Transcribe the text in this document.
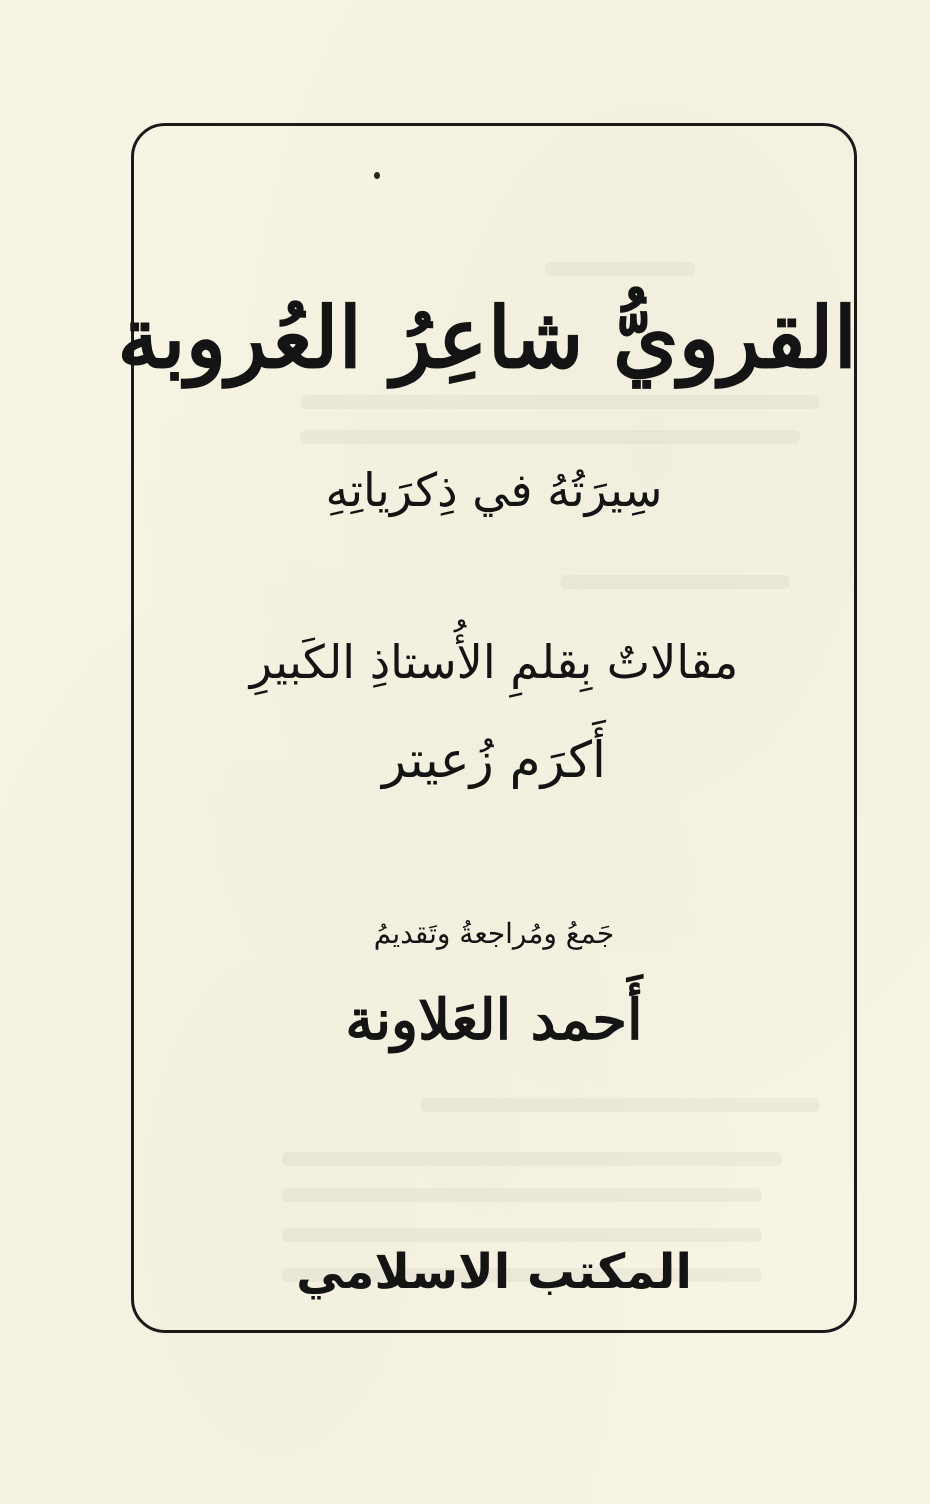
القرويُّ شاعِرُ العُروبة
سِيرَتُهُ في ذِكرَياتِهِ
مقالاتٌ بِقلمِ الأُستاذِ الكَبيرِ
أَكرَم زُعيتر
جَمعُ ومُراجعةُ وتَقديمُ
أَحمد العَلاونة
المكتب الاسلامي
